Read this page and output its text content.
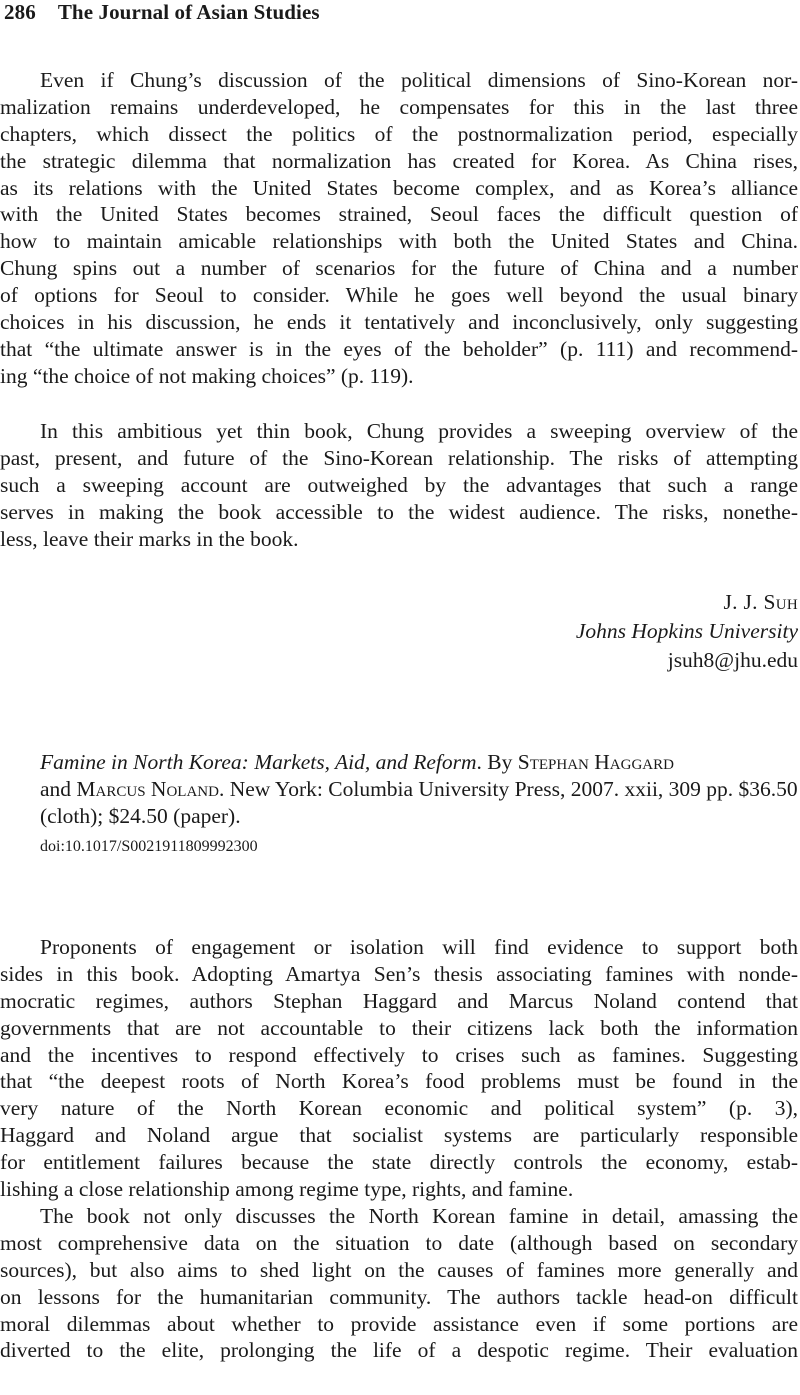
286 The Journal of Asian Studies
Even if Chung’s discussion of the political dimensions of Sino-Korean nor-
malization remains underdeveloped, he compensates for this in the last three
chapters, which dissect the politics of the postnormalization period, especially
the strategic dilemma that normalization has created for Korea. As China rises,
as its relations with the United States become complex, and as Korea’s alliance
with the United States becomes strained, Seoul faces the difficult question of
how to maintain amicable relationships with both the United States and China.
Chung spins out a number of scenarios for the future of China and a number
of options for Seoul to consider. While he goes well beyond the usual binary
choices in his discussion, he ends it tentatively and inconclusively, only suggesting
that “the ultimate answer is in the eyes of the beholder” (p. 111) and recommend-
ing “the choice of not making choices” (p. 119).
In this ambitious yet thin book, Chung provides a sweeping overview of the
past, present, and future of the Sino-Korean relationship. The risks of attempting
such a sweeping account are outweighed by the advantages that such a range
serves in making the book accessible to the widest audience. The risks, nonethe-
less, leave their marks in the book.
J. J. Suh
Johns Hopkins University
jsuh8@jhu.edu
Famine in North Korea: Markets, Aid, and Reform. By Stephan Haggard
and Marcus Noland. New York: Columbia University Press, 2007. xxii, 309 pp. $36.50 (cloth); $24.50 (paper).
doi:10.1017/S0021911809992300
Proponents of engagement or isolation will find evidence to support both
sides in this book. Adopting Amartya Sen’s thesis associating famines with nonde-
mocratic regimes, authors Stephan Haggard and Marcus Noland contend that
governments that are not accountable to their citizens lack both the information
and the incentives to respond effectively to crises such as famines. Suggesting
that “the deepest roots of North Korea’s food problems must be found in the
very nature of the North Korean economic and political system” (p. 3),
Haggard and Noland argue that socialist systems are particularly responsible
for entitlement failures because the state directly controls the economy, estab-
lishing a close relationship among regime type, rights, and famine.
The book not only discusses the North Korean famine in detail, amassing the
most comprehensive data on the situation to date (although based on secondary
sources), but also aims to shed light on the causes of famines more generally and
on lessons for the humanitarian community. The authors tackle head-on difficult
moral dilemmas about whether to provide assistance even if some portions are
diverted to the elite, prolonging the life of a despotic regime. Their evaluation
